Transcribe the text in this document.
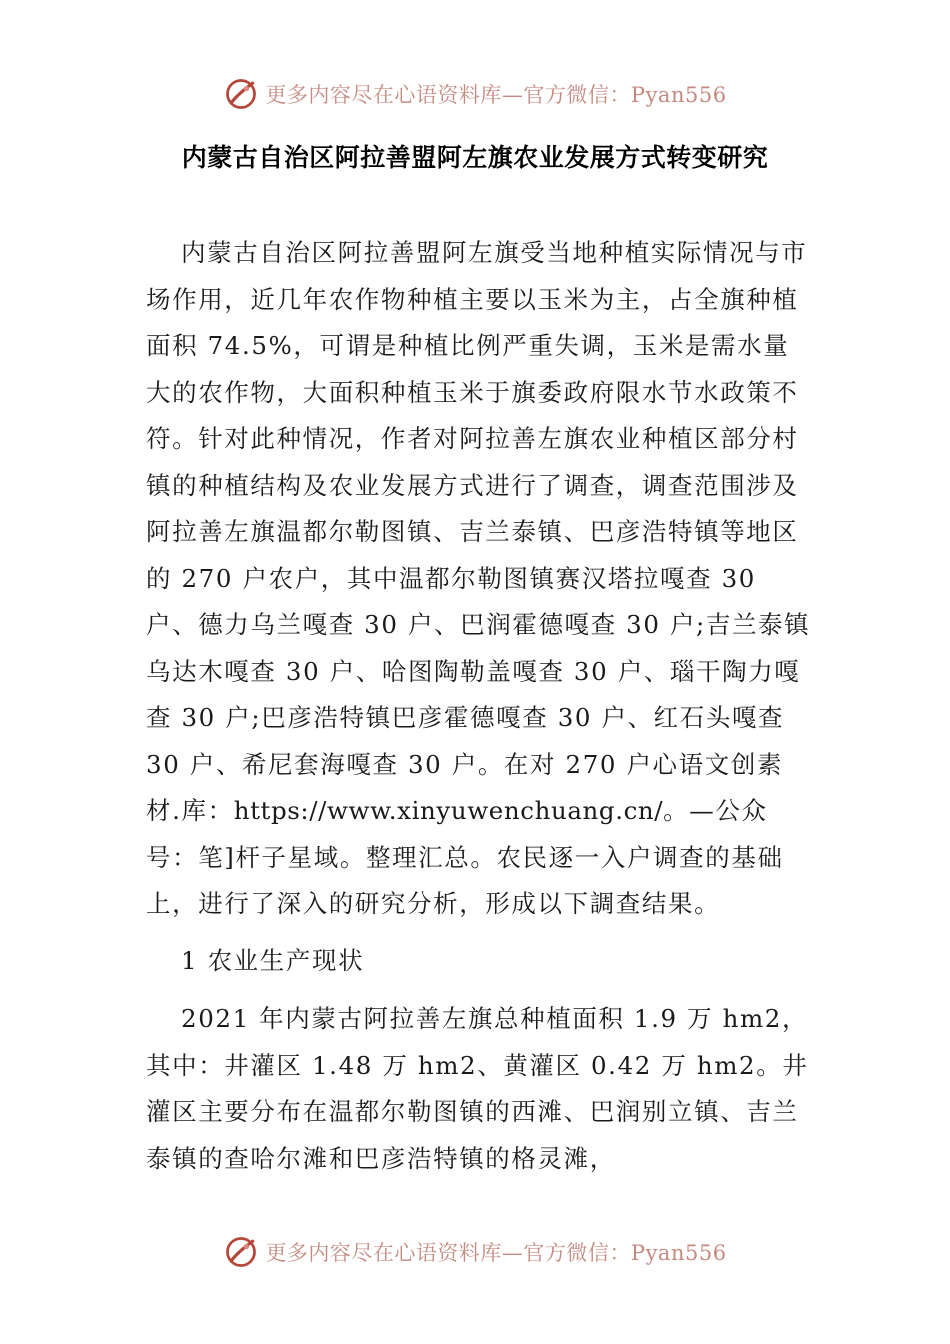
更多内容尽在心语资料库—官方微信：Pyan556
内蒙古自治区阿拉善盟阿左旗农业发展方式转变研究

内蒙古自治区阿拉善盟阿左旗受当地种植实际情况与市场作用，近几年农作物种植主要以玉米为主，占全旗种植面积 74.5%，可谓是种植比例严重失调，玉米是需水量大的农作物，大面积种植玉米于旗委政府限水节水政策不符。针对此种情况，作者对阿拉善左旗农业种植区部分村镇的种植结构及农业发展方式进行了调查，调查范围涉及阿拉善左旗温都尔勒图镇、吉兰泰镇、巴彦浩特镇等地区的 270 户农户，其中温都尔勒图镇赛汉塔拉嘎查 30 户、德力乌兰嘎查 30 户、巴润霍德嘎查 30 户;吉兰泰镇乌达木嘎查 30 户、哈图陶勒盖嘎查 30 户、瑙干陶力嘎查 30 户;巴彦浩特镇巴彦霍德嘎查 30 户、红石头嘎查 30 户、希尼套海嘎查 30 户。在对 270 户心语文创素材.库：https://www.xinyuwenchuang.cn/。—公众号：笔]杆子星域。整理汇总。农民逐一入户调查的基础上，进行了深入的研究分析，形成以下調查结果。

1 农业生产现状

2021 年内蒙古阿拉善左旗总种植面积 1.9 万 hm2， 其中：井灌区 1.48 万 hm2、黄灌区 0.42 万 hm2。井灌区主要分布在温都尔勒图镇的西滩、巴润别立镇、吉兰泰镇的查哈尔滩和巴彦浩特镇的格灵滩，

更多内容尽在心语资料库—官方微信：Pyan556
